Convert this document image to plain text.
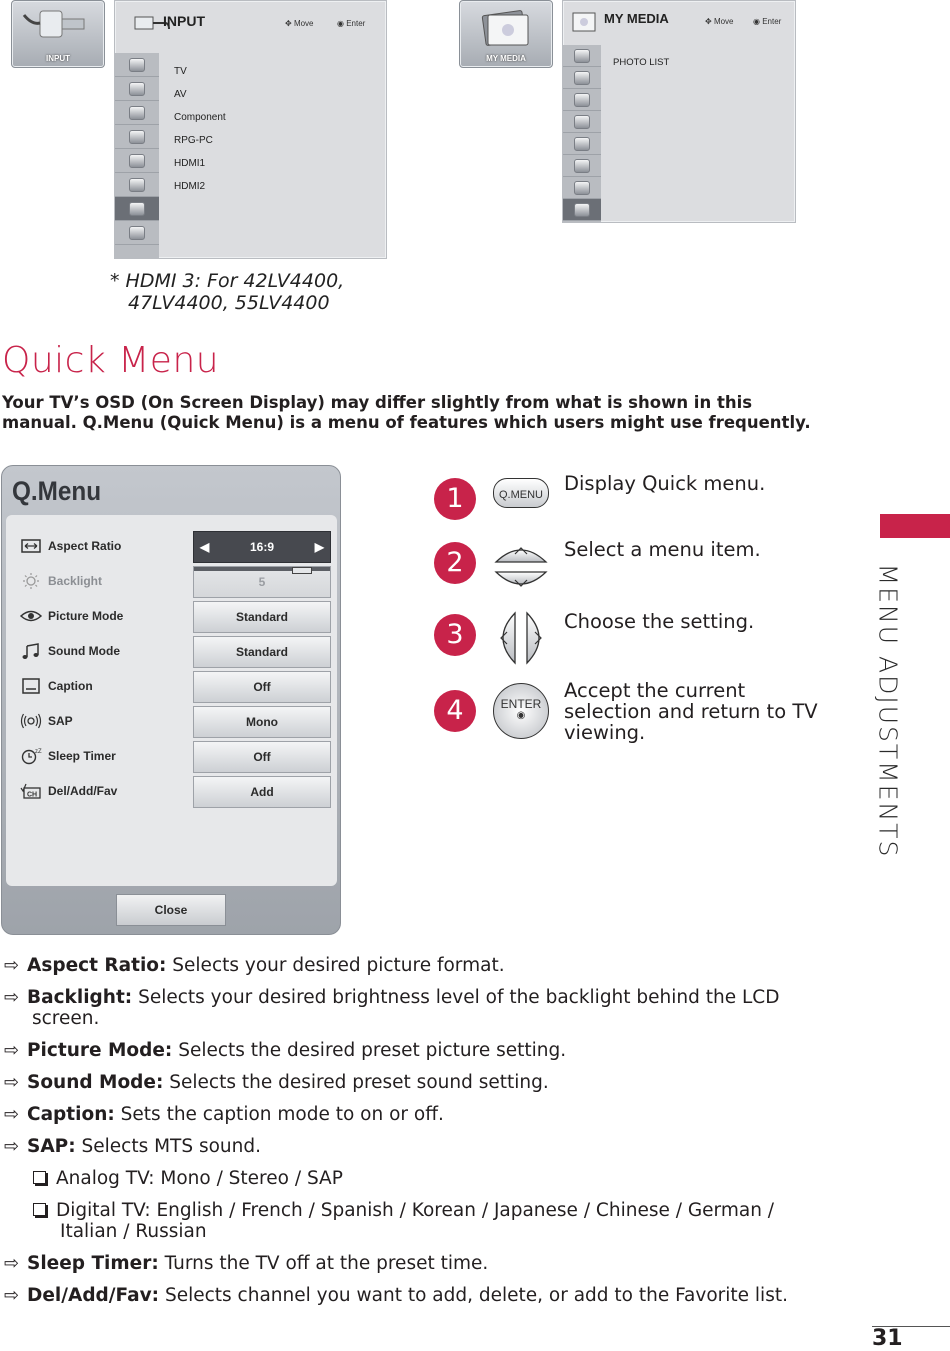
MENU ADJUSTMENTS
INPUT
INPUT	✥ Move	◉ Enter
TV
AV
Component
RPG-PC
HDMI1
HDMI2
MY MEDIA
MY MEDIA	✥ Move ◉ Enter
PHOTO LIST
* HDMI 3: For 42LV4400,
47LV4400, 55LV4400
Quick Menu
Your TV’s OSD (On Screen Display) may differ slightly from what is shown in this
manual. Q.Menu (Quick Menu) is a menu of features which users might use frequently.
Q.Menu
Aspect Ratio	◀	16:9	▶
Backlight	5
Picture Mode	Standard
Sound Mode	Standard
Caption	Off
SAP	Mono
zZ Sleep Timer	Off
CH Del/Add/Fav	Add
Close
1	Q.MENU	Display Quick menu.
2	Select a menu item.
3	Choose the setting.
4	ENTER
◉
Accept the current
selection and return to TV
viewing.
⇨ Aspect Ratio: Selects your desired picture format.
⇨ Backlight: Selects your desired brightness level of the backlight behind the LCD
screen.
⇨ Picture Mode: Selects the desired preset picture setting.
⇨ Sound Mode: Selects the desired preset sound setting.
⇨ Caption: Sets the caption mode to on or off.
⇨ SAP: Selects MTS sound.
Analog TV: Mono / Stereo / SAP
Digital TV: English / French / Spanish / Korean / Japanese / Chinese / German /
Italian / Russian
⇨ Sleep Timer: Turns the TV off at the preset time.
⇨ Del/Add/Fav: Selects channel you want to add, delete, or add to the Favorite list.
31
